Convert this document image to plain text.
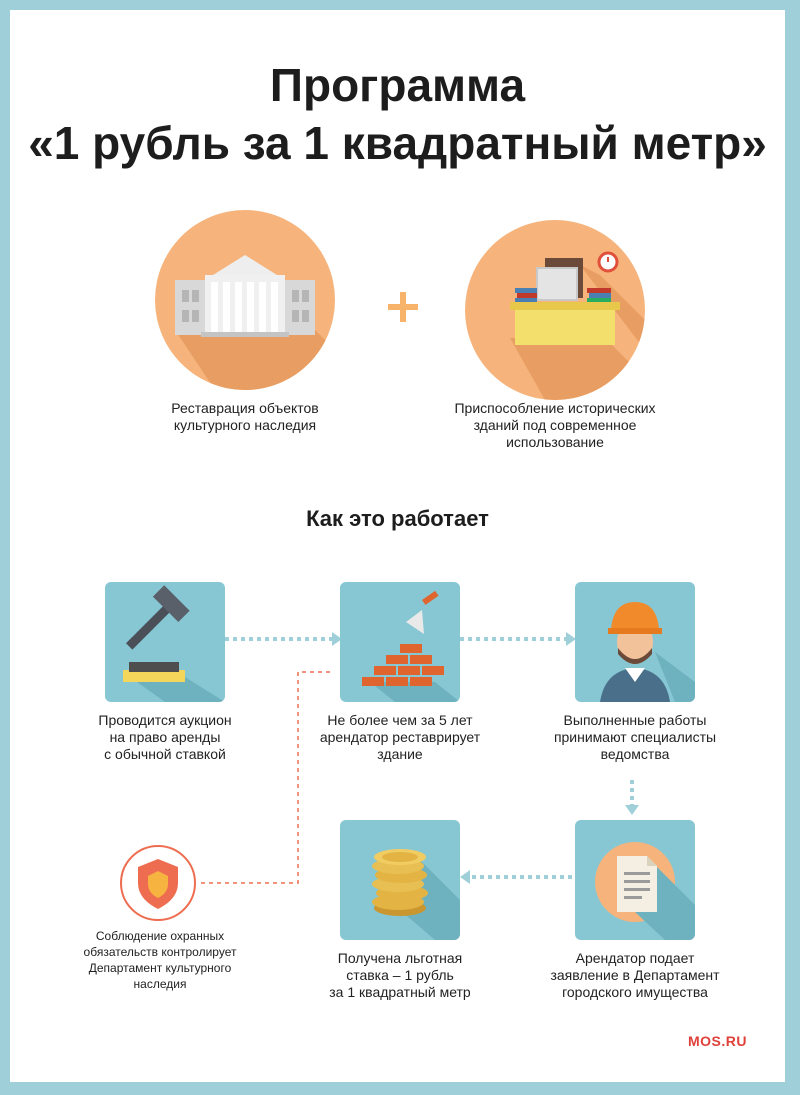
Программа
«1 рубль за 1 квадратный метр»
Реставрация объектов
культурного наследия
Приспособление исторических
зданий под современное
использование
Как это работает
Проводится аукцион
на право аренды
с обычной ставкой
Не более чем за 5 лет
арендатор реставрирует
здание
Выполненные работы
принимают специалисты
ведомства
Арендатор подает
заявление в Департамент
городского имущества
Получена льготная
ставка – 1 рубль
за 1 квадратный метр
Соблюдение охранных
обязательств контролирует
Департамент культурного
наследия
MOS.RU
